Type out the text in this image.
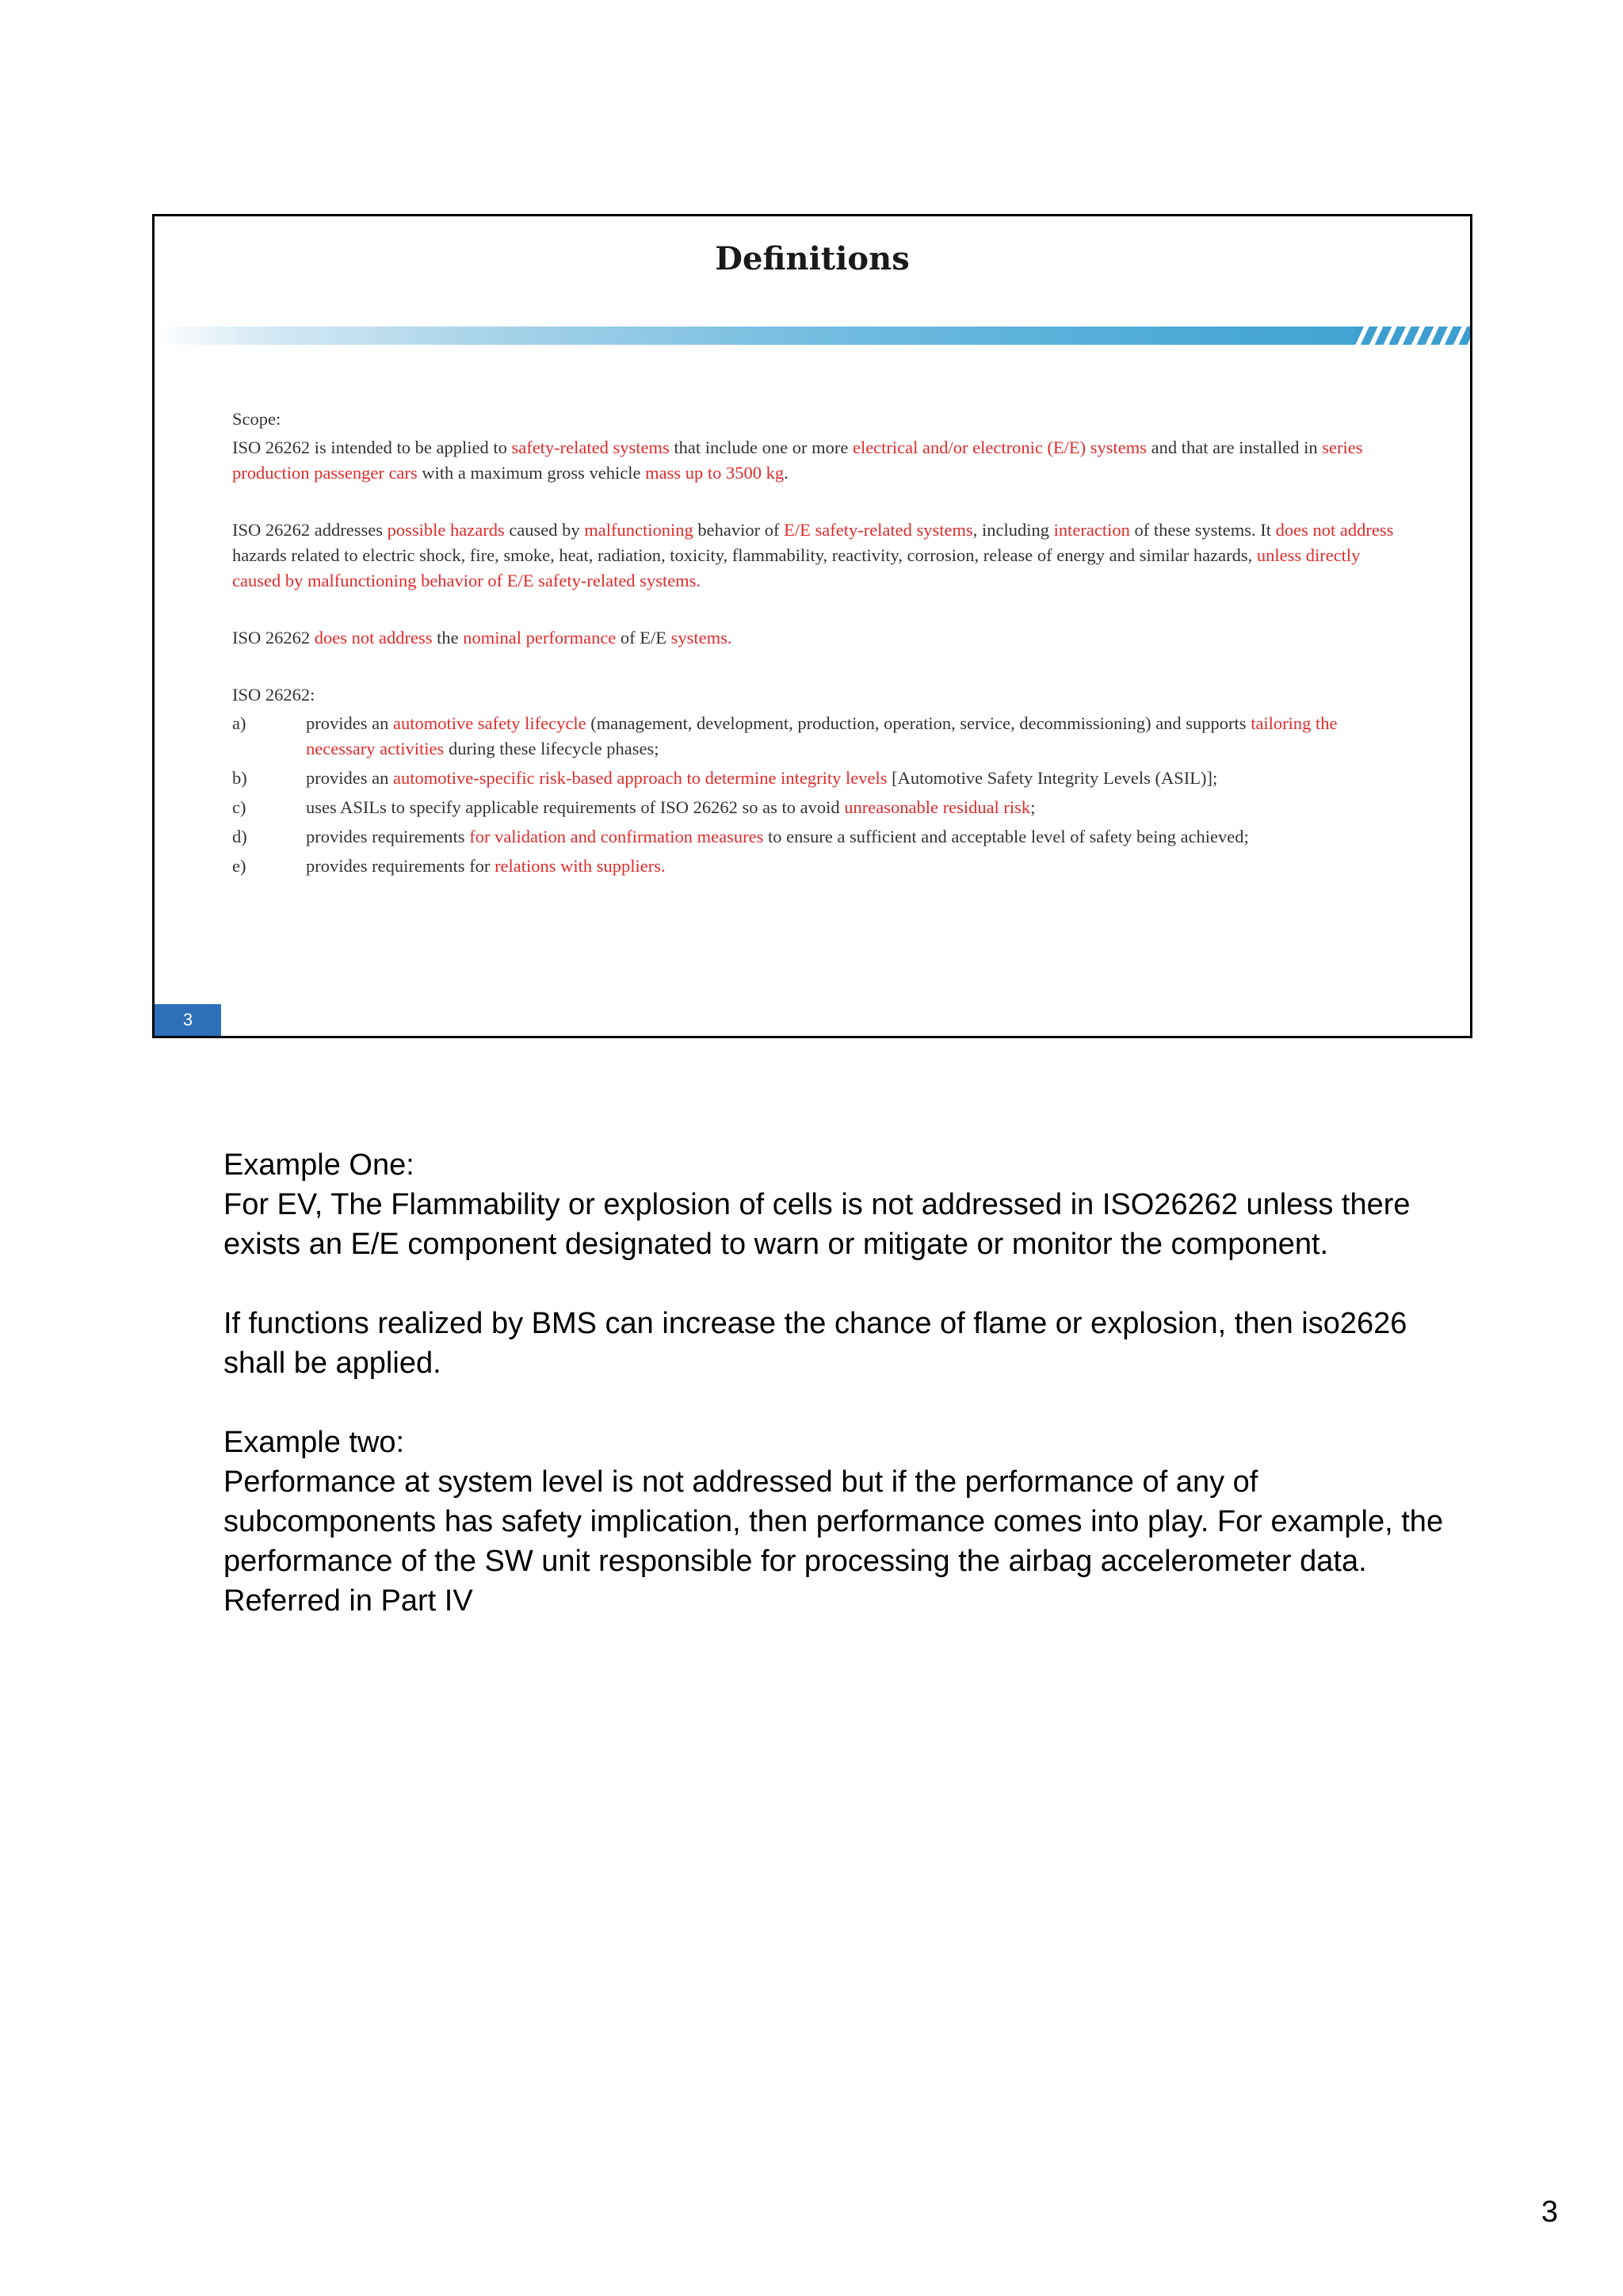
Definitions

Scope:

ISO 26262 is intended to be applied to safety-related systems that include one or more electrical and/or electronic (E/E) systems and that are installed in series production passenger cars with a maximum gross vehicle mass up to 3500 kg.

ISO 26262 addresses possible hazards caused by malfunctioning behavior of E/E safety-related systems, including interaction of these systems. It does not address hazards related to electric shock, fire, smoke, heat, radiation, toxicity, flammability, reactivity, corrosion, release of energy and similar hazards, unless directly caused by malfunctioning behavior of E/E safety-related systems.

ISO 26262 does not address the nominal performance of E/E systems.

ISO 26262:

a)	provides an automotive safety lifecycle (management, development, production, operation, service, decommissioning) and supports tailoring the necessary activities during these lifecycle phases;
b)	provides an automotive-specific risk-based approach to determine integrity levels [Automotive Safety Integrity Levels (ASIL)];
c)	uses ASILs to specify applicable requirements of ISO 26262 so as to avoid unreasonable residual risk;
d)	provides requirements for validation and confirmation measures to ensure a sufficient and acceptable level of safety being achieved;
e)	provides requirements for relations with suppliers.
3

Example One:
For EV, The Flammability or explosion of cells is not addressed in ISO26262 unless there exists an E/E component designated to warn or mitigate or monitor the component.

If functions realized by BMS can increase the chance of flame or explosion, then iso2626 shall be applied.

Example two:
Performance at system level is not addressed but if the performance of any of subcomponents has safety implication, then performance comes into play. For example, the performance of the SW unit responsible for processing the airbag accelerometer data. Referred in Part IV

3
